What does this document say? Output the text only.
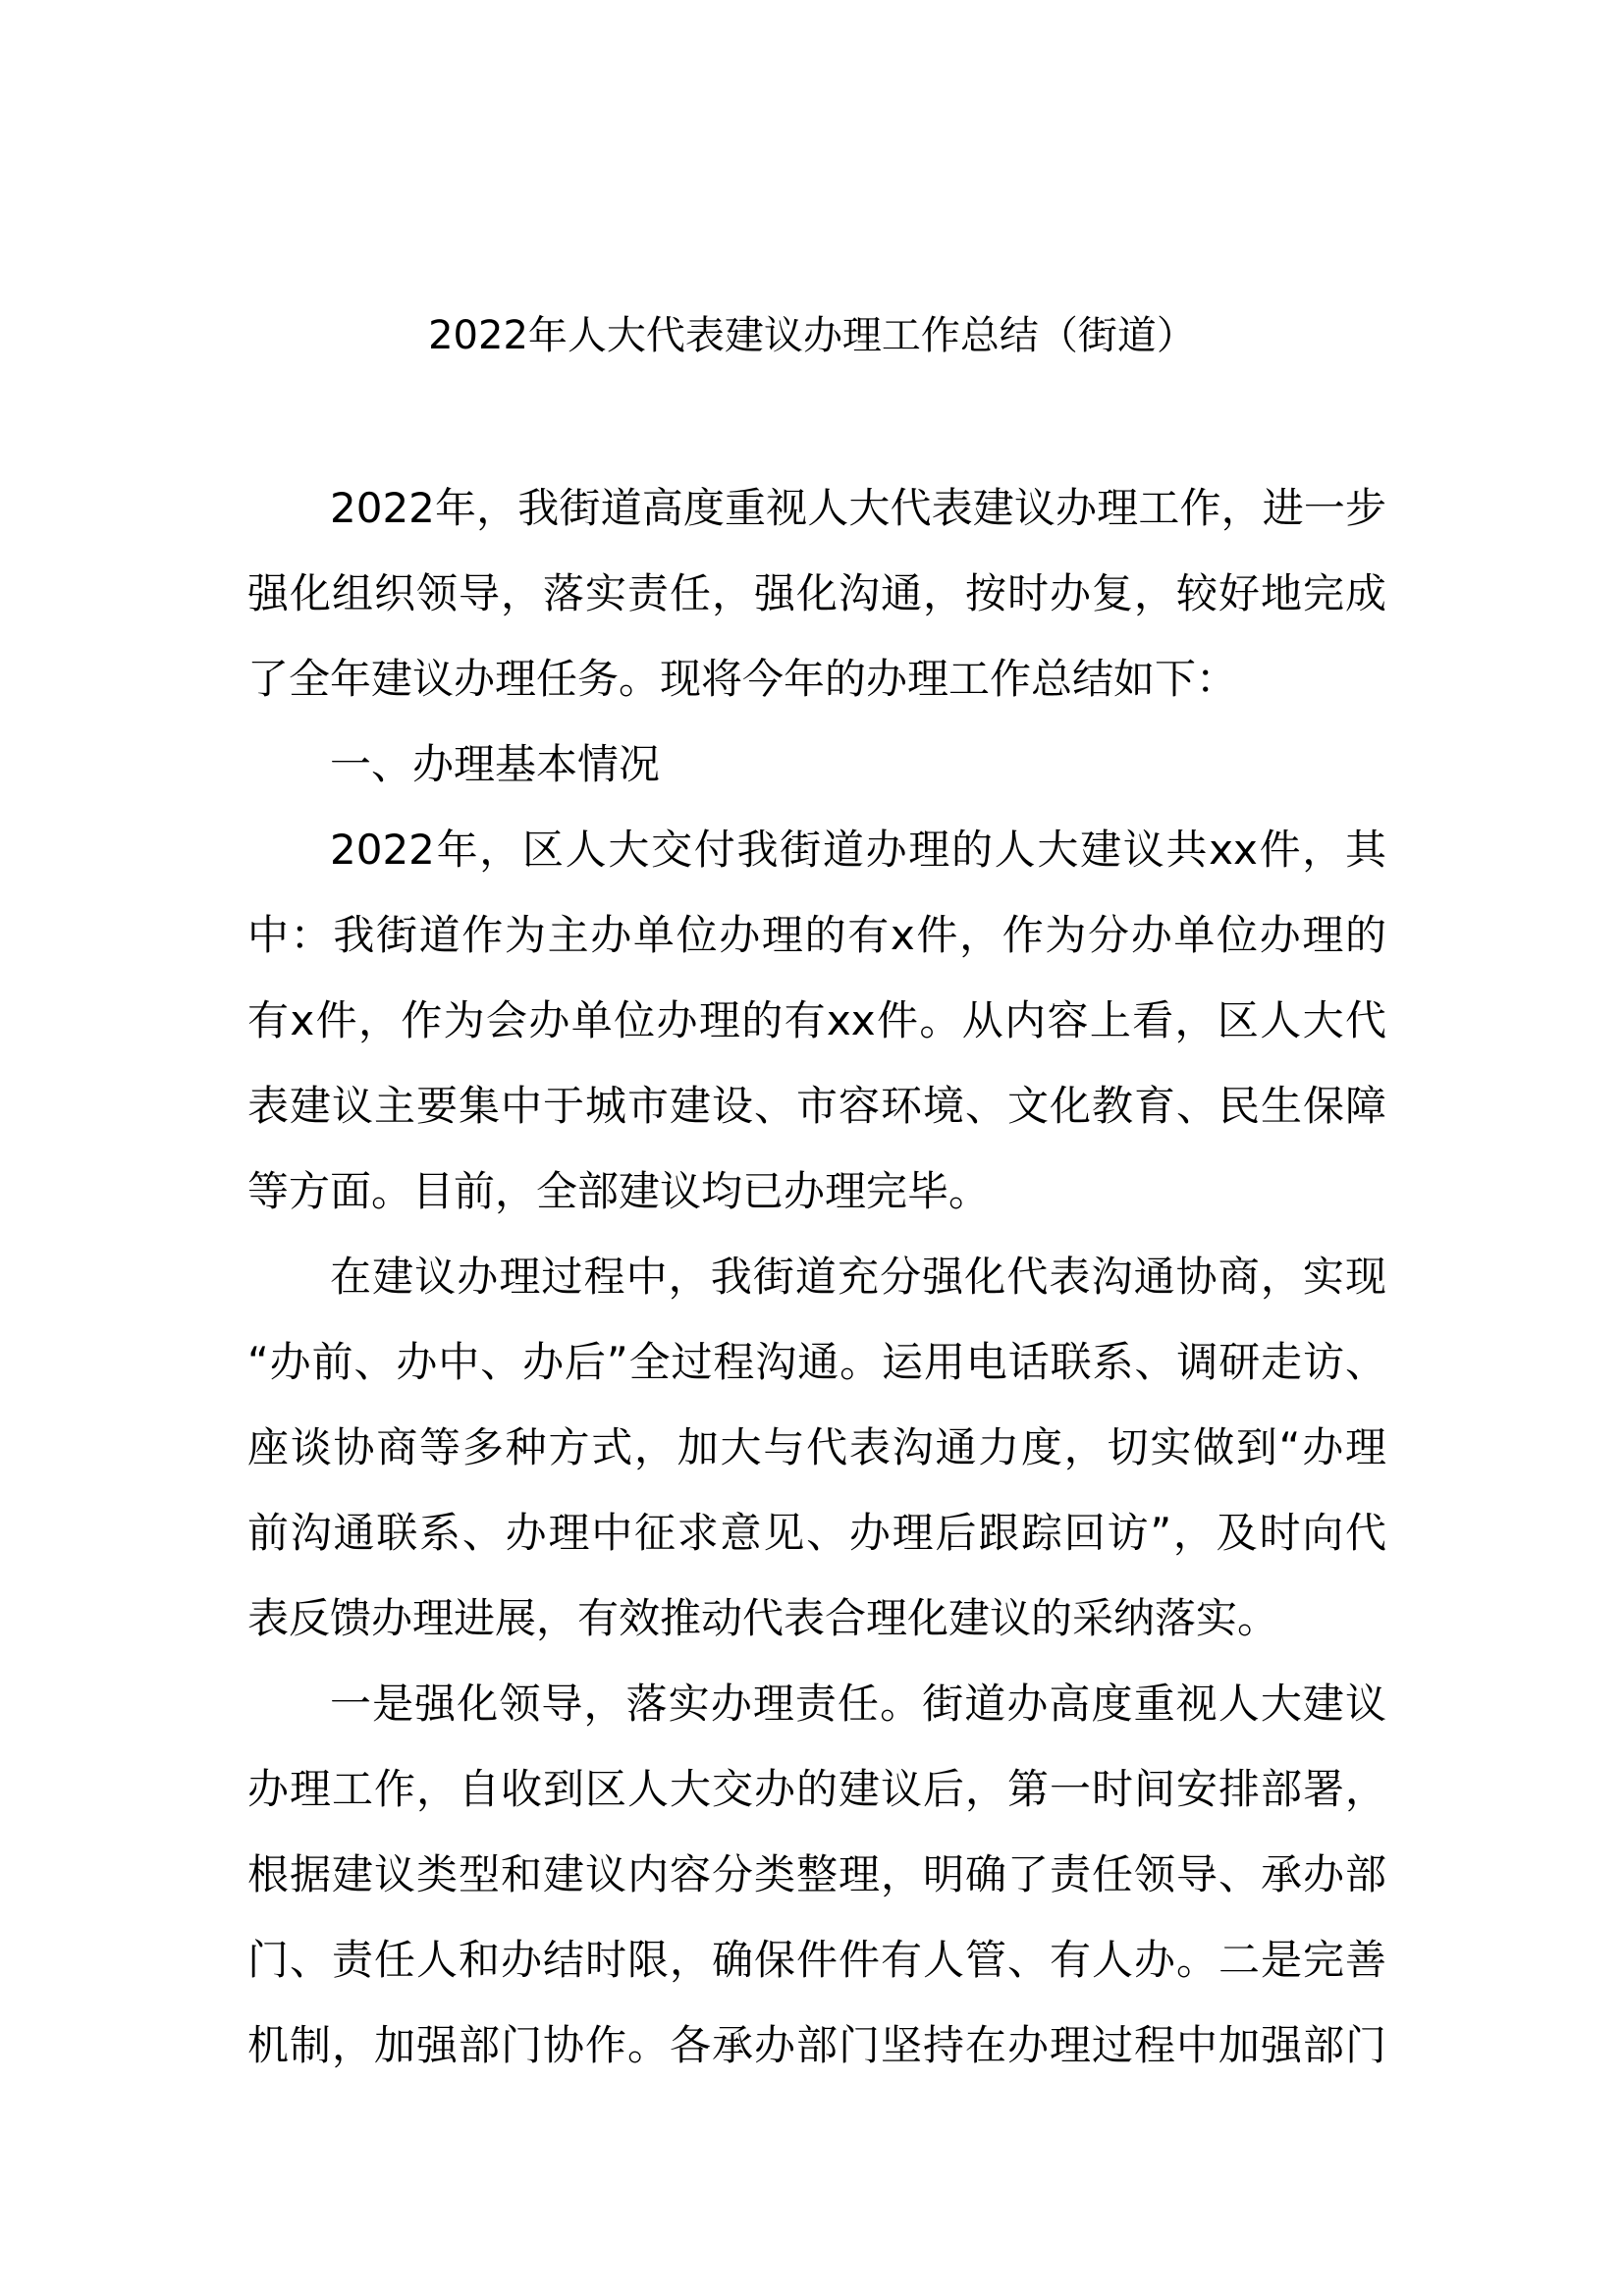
2022年人大代表建议办理工作总结（街道）
2022年，我街道高度重视人大代表建议办理工作，进一步
强化组织领导，落实责任，强化沟通，按时办复，较好地完成
了全年建议办理任务。现将今年的办理工作总结如下：
一、办理基本情况
2022年，区人大交付我街道办理的人大建议共xx件，其
中：我街道作为主办单位办理的有x件，作为分办单位办理的
有x件，作为会办单位办理的有xx件。从内容上看，区人大代
表建议主要集中于城市建设、市容环境、文化教育、民生保障
等方面。目前，全部建议均已办理完毕。
在建议办理过程中，我街道充分强化代表沟通协商，实现
“办前、办中、办后”全过程沟通。运用电话联系、调研走访、
座谈协商等多种方式，加大与代表沟通力度，切实做到“办理
前沟通联系、办理中征求意见、办理后跟踪回访”，及时向代
表反馈办理进展，有效推动代表合理化建议的采纳落实。
一是强化领导，落实办理责任。街道办高度重视人大建议
办理工作，自收到区人大交办的建议后，第一时间安排部署，
根据建议类型和建议内容分类整理，明确了责任领导、承办部
门、责任人和办结时限，确保件件有人管、有人办。二是完善
机制，加强部门协作。各承办部门坚持在办理过程中加强部门
